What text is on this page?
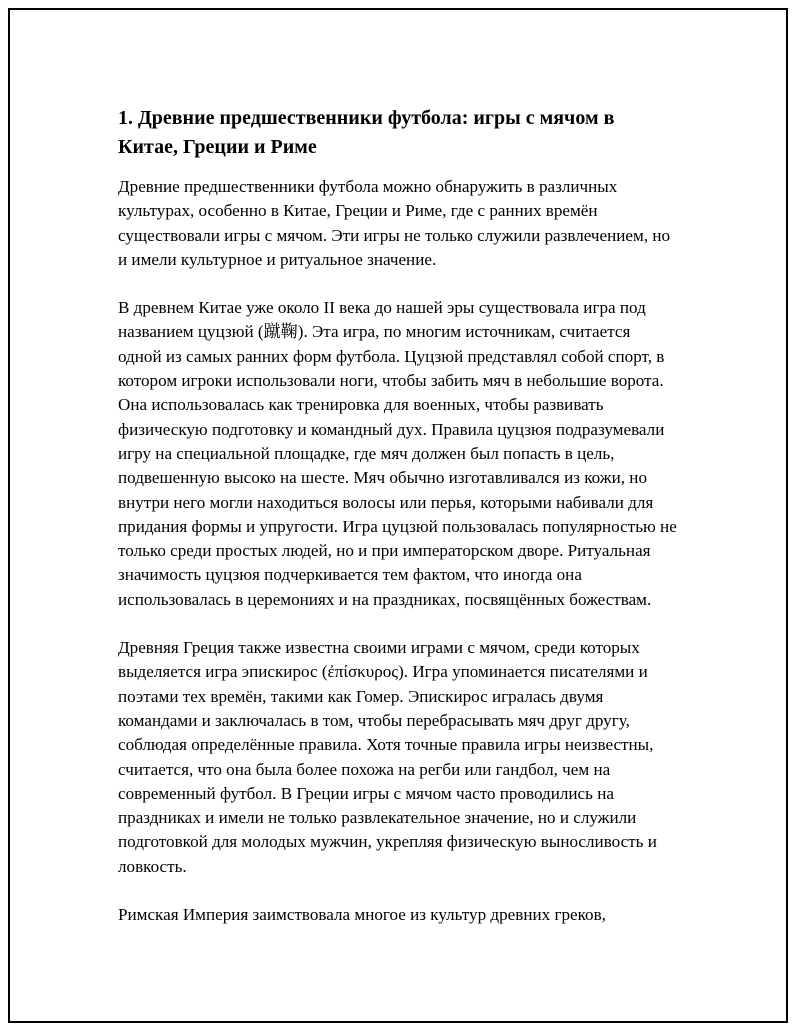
1. Древние предшественники футбола: игры с мячом в Китае, Греции и Риме

Древние предшественники футбола можно обнаружить в различных культурах, особенно в Китае, Греции и Риме, где с ранних времён существовали игры с мячом. Эти игры не только служили развлечением, но и имели культурное и ритуальное значение.

В древнем Китае уже около II века до нашей эры существовала игра под названием цуцзюй (蹴鞠). Эта игра, по многим источникам, считается одной из самых ранних форм футбола. Цуцзюй представлял собой спорт, в котором игроки использовали ноги, чтобы забить мяч в небольшие ворота. Она использовалась как тренировка для военных, чтобы развивать физическую подготовку и командный дух. Правила цуцзюя подразумевали игру на специальной площадке, где мяч должен был попасть в цель, подвешенную высоко на шесте. Мяч обычно изготавливался из кожи, но внутри него могли находиться волосы или перья, которыми набивали для придания формы и упругости. Игра цуцзюй пользовалась популярностью не только среди простых людей, но и при императорском дворе. Ритуальная значимость цуцзюя подчеркивается тем фактом, что иногда она использовалась в церемониях и на праздниках, посвящённых божествам.

Древняя Греция также известна своими играми с мячом, среди которых выделяется игра эпискирос (ἐπίσκυρος). Игра упоминается писателями и поэтами тех времён, такими как Гомер. Эпискирос игралась двумя командами и заключалась в том, чтобы перебрасывать мяч друг другу, соблюдая определённые правила. Хотя точные правила игры неизвестны, считается, что она была более похожа на регби или гандбол, чем на современный футбол. В Греции игры с мячом часто проводились на праздниках и имели не только развлекательное значение, но и служили подготовкой для молодых мужчин, укрепляя физическую выносливость и ловкость.

Римская Империя заимствовала многое из культур древних греков,
